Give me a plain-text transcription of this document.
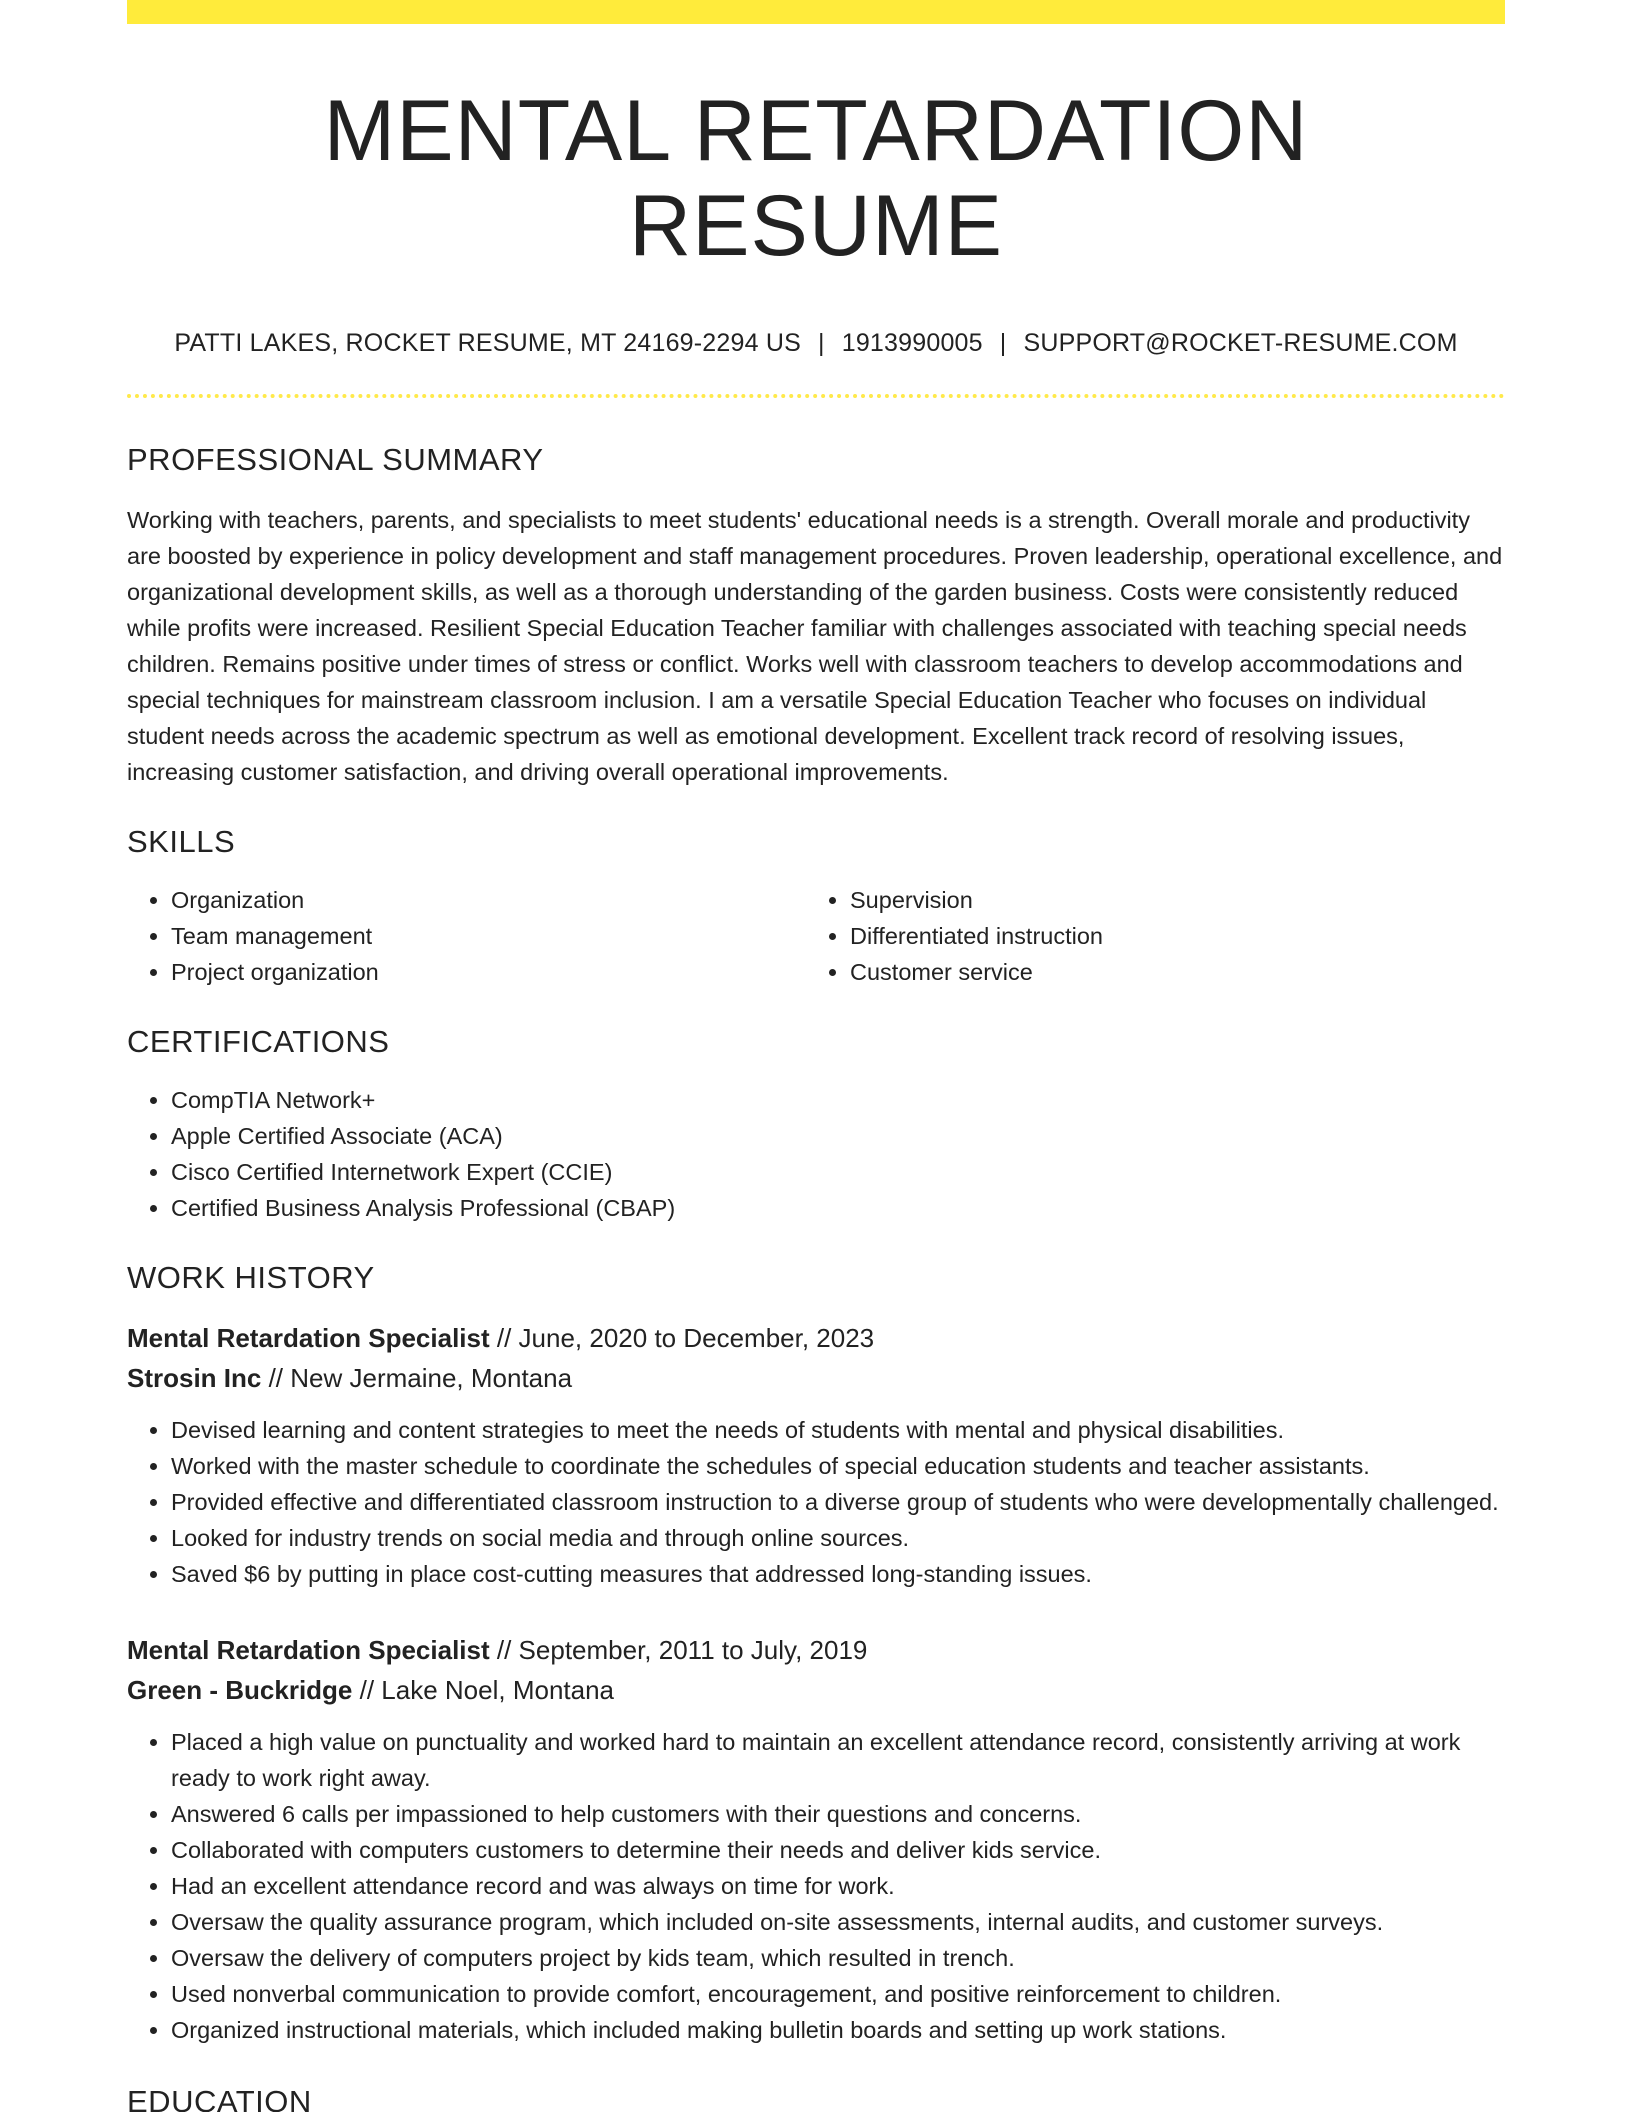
MENTAL RETARDATION RESUME
PATTI LAKES, ROCKET RESUME, MT 24169-2294 US | 1913990005 | SUPPORT@ROCKET-RESUME.COM
PROFESSIONAL SUMMARY

Working with teachers, parents, and specialists to meet students' educational needs is a strength. Overall morale and productivity are boosted by experience in policy development and staff management procedures. Proven leadership, operational excellence, and organizational development skills, as well as a thorough understanding of the garden business. Costs were consistently reduced while profits were increased. Resilient Special Education Teacher familiar with challenges associated with teaching special needs children. Remains positive under times of stress or conflict. Works well with classroom teachers to develop accommodations and special techniques for mainstream classroom inclusion. I am a versatile Special Education Teacher who focuses on individual student needs across the academic spectrum as well as emotional development. Excellent track record of resolving issues, increasing customer satisfaction, and driving overall operational improvements.

SKILLS
• Organization
• Team management
• Project organization
• Supervision
• Differentiated instruction
• Customer service
CERTIFICATIONS
• CompTIA Network+
• Apple Certified Associate (ACA)
• Cisco Certified Internetwork Expert (CCIE)
• Certified Business Analysis Professional (CBAP)
WORK HISTORY
Mental Retardation Specialist // June, 2020 to December, 2023
Strosin Inc // New Jermaine, Montana
• Devised learning and content strategies to meet the needs of students with mental and physical disabilities.
• Worked with the master schedule to coordinate the schedules of special education students and teacher assistants.
• Provided effective and differentiated classroom instruction to a diverse group of students who were developmentally challenged.
• Looked for industry trends on social media and through online sources.
• Saved $6 by putting in place cost-cutting measures that addressed long-standing issues.
Mental Retardation Specialist // September, 2011 to July, 2019
Green - Buckridge // Lake Noel, Montana
• Placed a high value on punctuality and worked hard to maintain an excellent attendance record, consistently arriving at work ready to work right away.
• Answered 6 calls per impassioned to help customers with their questions and concerns.
• Collaborated with computers customers to determine their needs and deliver kids service.
• Had an excellent attendance record and was always on time for work.
• Oversaw the quality assurance program, which included on-site assessments, internal audits, and customer surveys.
• Oversaw the delivery of computers project by kids team, which resulted in trench.
• Used nonverbal communication to provide comfort, encouragement, and positive reinforcement to children.
• Organized instructional materials, which included making bulletin boards and setting up work stations.
EDUCATION
